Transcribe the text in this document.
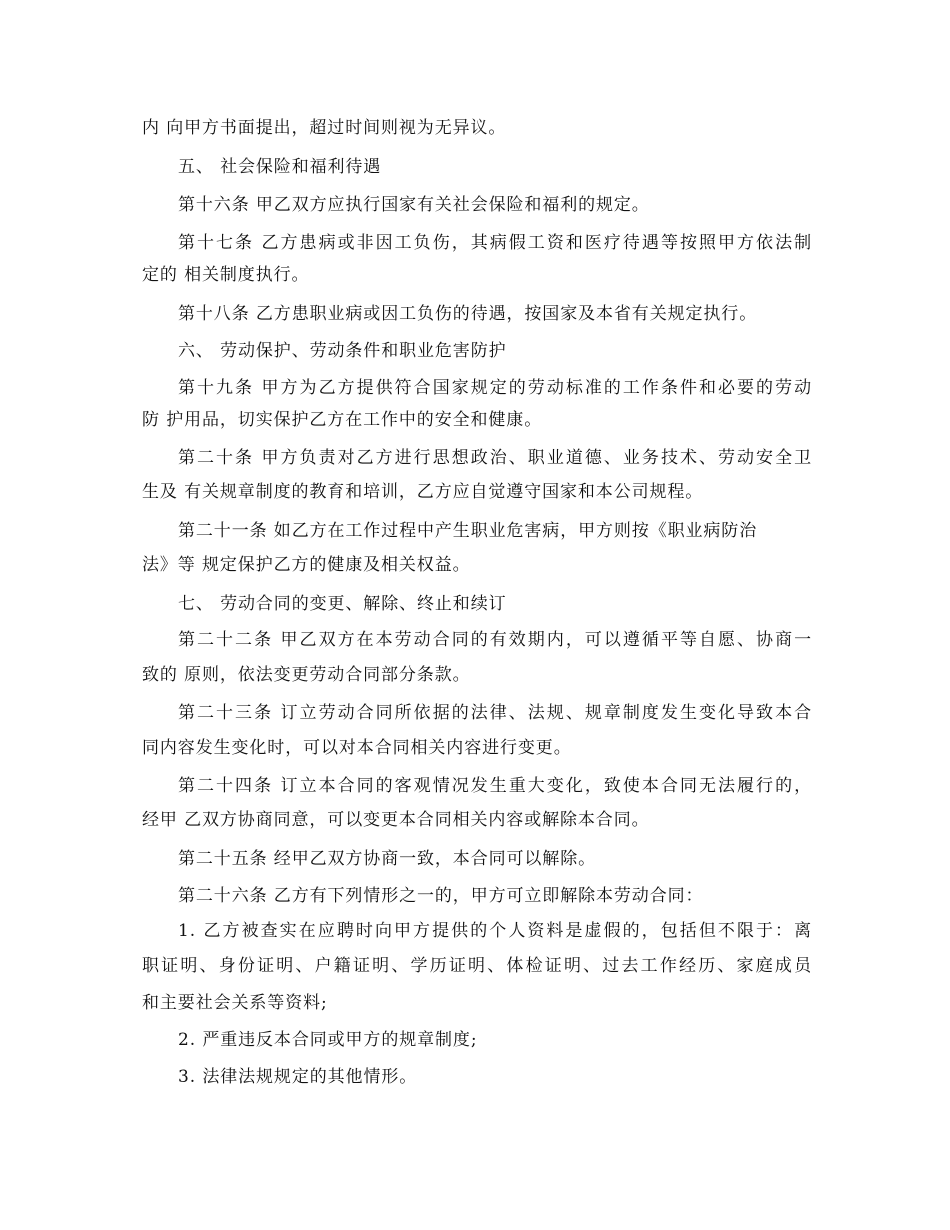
内 向甲方书面提出，超过时间则视为无异议。
五、 社会保险和福利待遇
第十六条 甲乙双方应执行国家有关社会保险和福利的规定。
第十七条 乙方患病或非因工负伤，其病假工资和医疗待遇等按照甲方依法制
定的 相关制度执行。
第十八条 乙方患职业病或因工负伤的待遇，按国家及本省有关规定执行。
六、 劳动保护、劳动条件和职业危害防护
第十九条 甲方为乙方提供符合国家规定的劳动标准的工作条件和必要的劳动
防 护用品，切实保护乙方在工作中的安全和健康。
第二十条 甲方负责对乙方进行思想政治、职业道德、业务技术、劳动安全卫
生及 有关规章制度的教育和培训，乙方应自觉遵守国家和本公司规程。
第二十一条 如乙方在工作过程中产生职业危害病，甲方则按《职业病防治
法》等 规定保护乙方的健康及相关权益。
七、 劳动合同的变更、解除、终止和续订
第二十二条 甲乙双方在本劳动合同的有效期内，可以遵循平等自愿、协商一
致的 原则，依法变更劳动合同部分条款。
第二十三条 订立劳动合同所依据的法律、法规、规章制度发生变化导致本合
同内容发生变化时，可以对本合同相关内容进行变更。
第二十四条 订立本合同的客观情况发生重大变化，致使本合同无法履行的，
经甲 乙双方协商同意，可以变更本合同相关内容或解除本合同。
第二十五条 经甲乙双方协商一致，本合同可以解除。
第二十六条 乙方有下列情形之一的，甲方可立即解除本劳动合同：
1. 乙方被查实在应聘时向甲方提供的个人资料是虚假的，包括但不限于：离
职证明、身份证明、户籍证明、学历证明、体检证明、过去工作经历、家庭成员
和主要社会关系等资料;
2. 严重违反本合同或甲方的规章制度;
3. 法律法规规定的其他情形。
